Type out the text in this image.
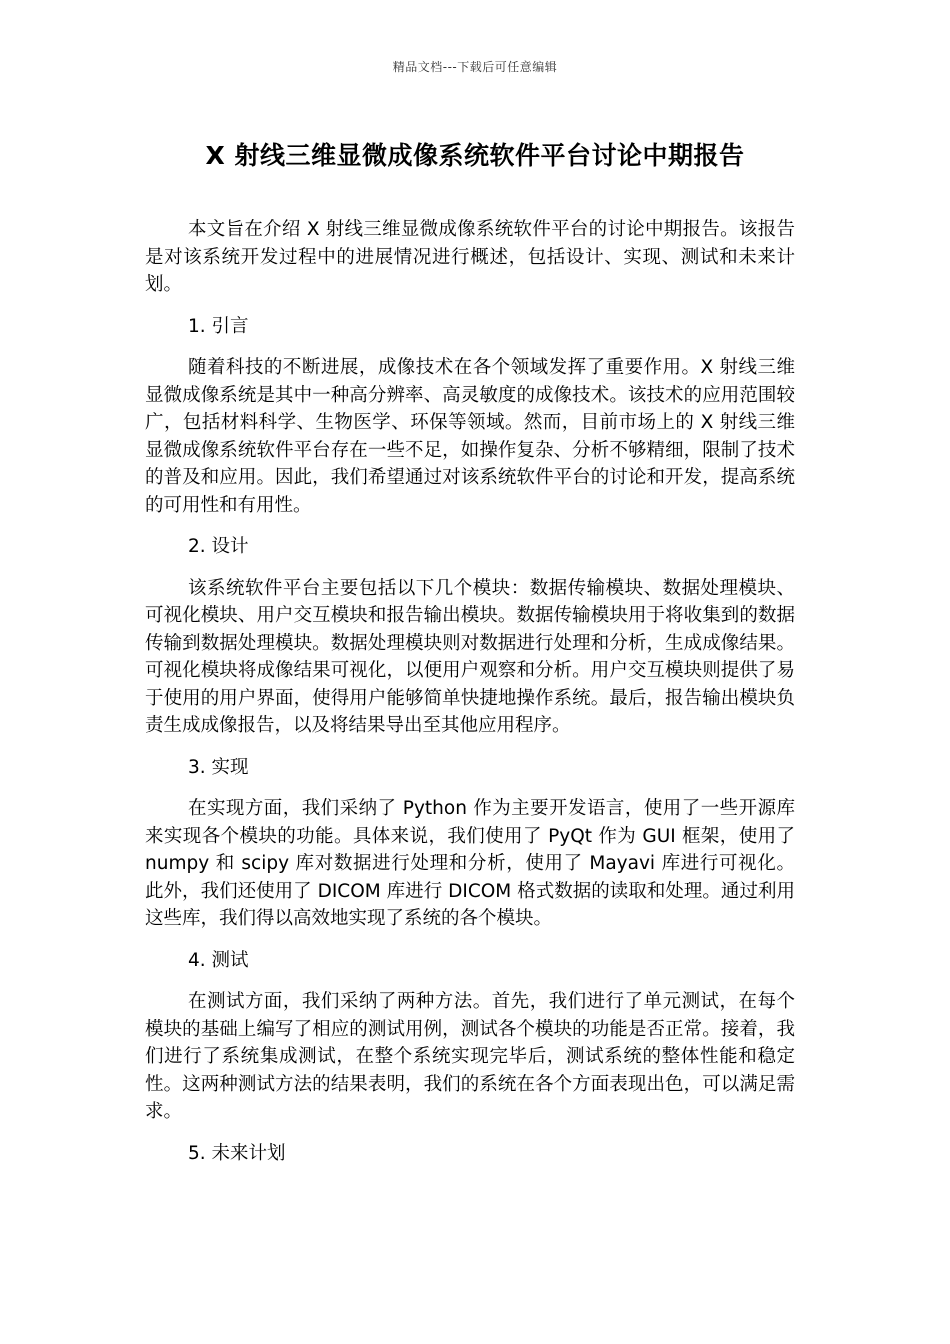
精品文档---下载后可任意编辑
X 射线三维显微成像系统软件平台讨论中期报告

本文旨在介绍 X 射线三维显微成像系统软件平台的讨论中期报告。该报告是对该系统开发过程中的进展情况进行概述，包括设计、实现、测试和未来计划。

1. 引言

随着科技的不断进展，成像技术在各个领域发挥了重要作用。X 射线三维显微成像系统是其中一种高分辨率、高灵敏度的成像技术。该技术的应用范围较广，包括材料科学、生物医学、环保等领域。然而，目前市场上的 X 射线三维显微成像系统软件平台存在一些不足，如操作复杂、分析不够精细，限制了技术的普及和应用。因此，我们希望通过对该系统软件平台的讨论和开发，提高系统的可用性和有用性。

2. 设计

该系统软件平台主要包括以下几个模块：数据传输模块、数据处理模块、可视化模块、用户交互模块和报告输出模块。数据传输模块用于将收集到的数据传输到数据处理模块。数据处理模块则对数据进行处理和分析，生成成像结果。可视化模块将成像结果可视化，以便用户观察和分析。用户交互模块则提供了易于使用的用户界面，使得用户能够简单快捷地操作系统。最后，报告输出模块负责生成成像报告，以及将结果导出至其他应用程序。

3. 实现

在实现方面，我们采纳了 Python 作为主要开发语言，使用了一些开源库来实现各个模块的功能。具体来说，我们使用了 PyQt 作为 GUI 框架，使用了 numpy 和 scipy 库对数据进行处理和分析，使用了 Mayavi 库进行可视化。此外，我们还使用了 DICOM 库进行 DICOM 格式数据的读取和处理。通过利用这些库，我们得以高效地实现了系统的各个模块。

4. 测试

在测试方面，我们采纳了两种方法。首先，我们进行了单元测试，在每个模块的基础上编写了相应的测试用例，测试各个模块的功能是否正常。接着，我们进行了系统集成测试，在整个系统实现完毕后，测试系统的整体性能和稳定性。这两种测试方法的结果表明，我们的系统在各个方面表现出色，可以满足需求。

5. 未来计划
